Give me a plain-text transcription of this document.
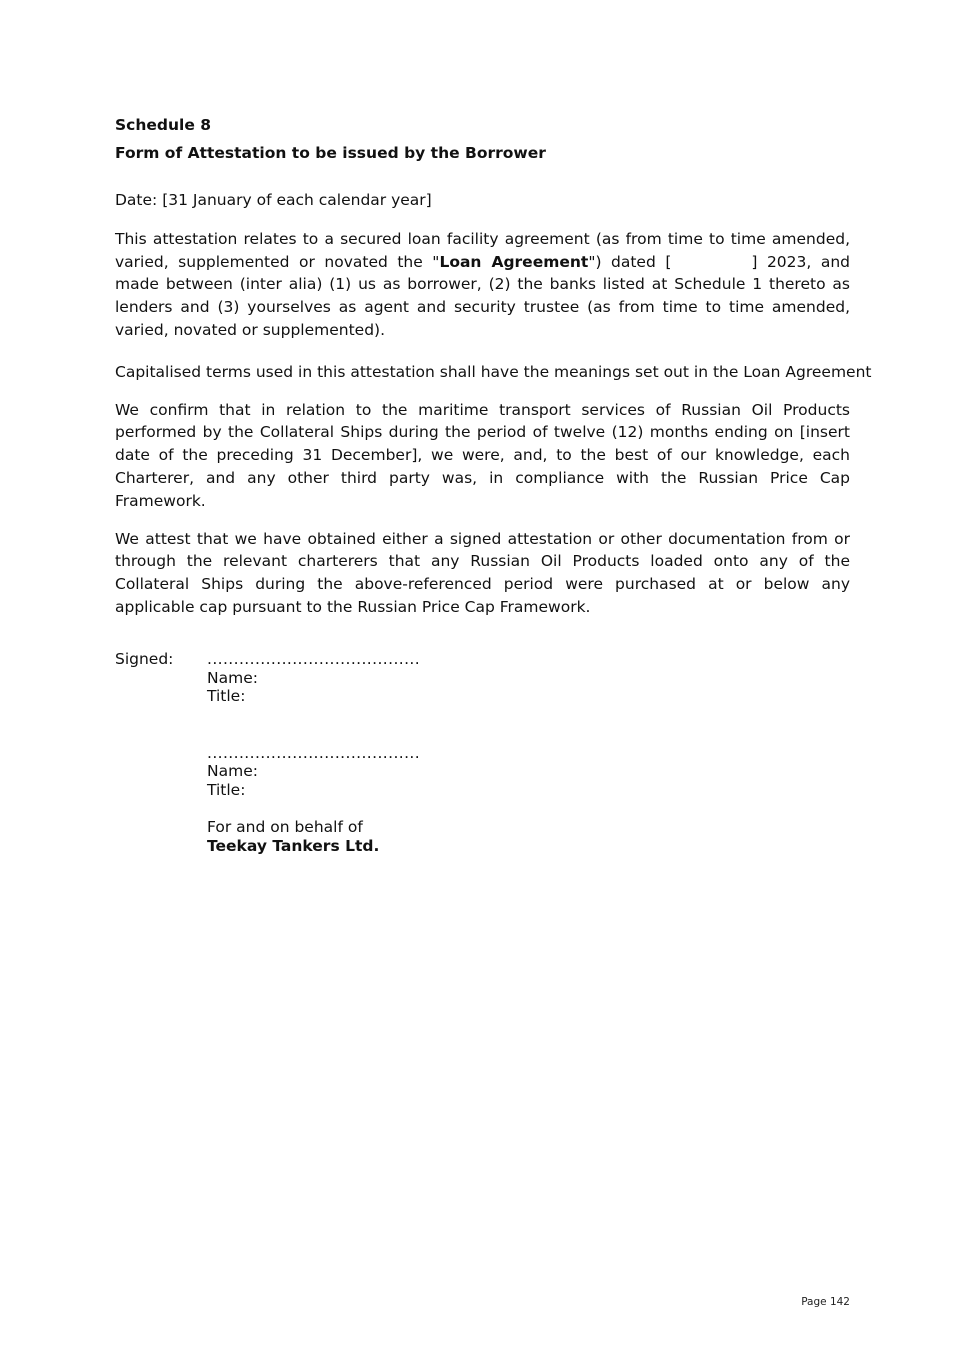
Schedule 8

Form of Attestation to be issued by the Borrower

Date: [31 January of each calendar year]

This attestation relates to a secured loan facility agreement (as from time to time amended, varied, supplemented or novated the "Loan Agreement") dated [	] 2023, and made between (inter alia) (1) us as borrower, (2) the banks listed at Schedule 1 thereto as lenders and (3) yourselves as agent and security trustee (as from time to time amended, varied, novated or supplemented).

Capitalised terms used in this attestation shall have the meanings set out in the Loan Agreement

We confirm that in relation to the maritime transport services of Russian Oil Products performed by the Collateral Ships during the period of twelve (12) months ending on [insert date of the preceding 31 December], we were, and, to the best of our knowledge, each Charterer, and any other third party was, in compliance with the Russian Price Cap Framework.

We attest that we have obtained either a signed attestation or other documentation from or through the relevant charterers that any Russian Oil Products loaded onto any of the Collateral Ships during the above-referenced period were purchased at or below any applicable cap pursuant to the Russian Price Cap Framework.

Signed:	........................................
Name:
Title:
........................................
Name:
Title:
For and on behalf of
Teekay Tankers Ltd.
Page 142
